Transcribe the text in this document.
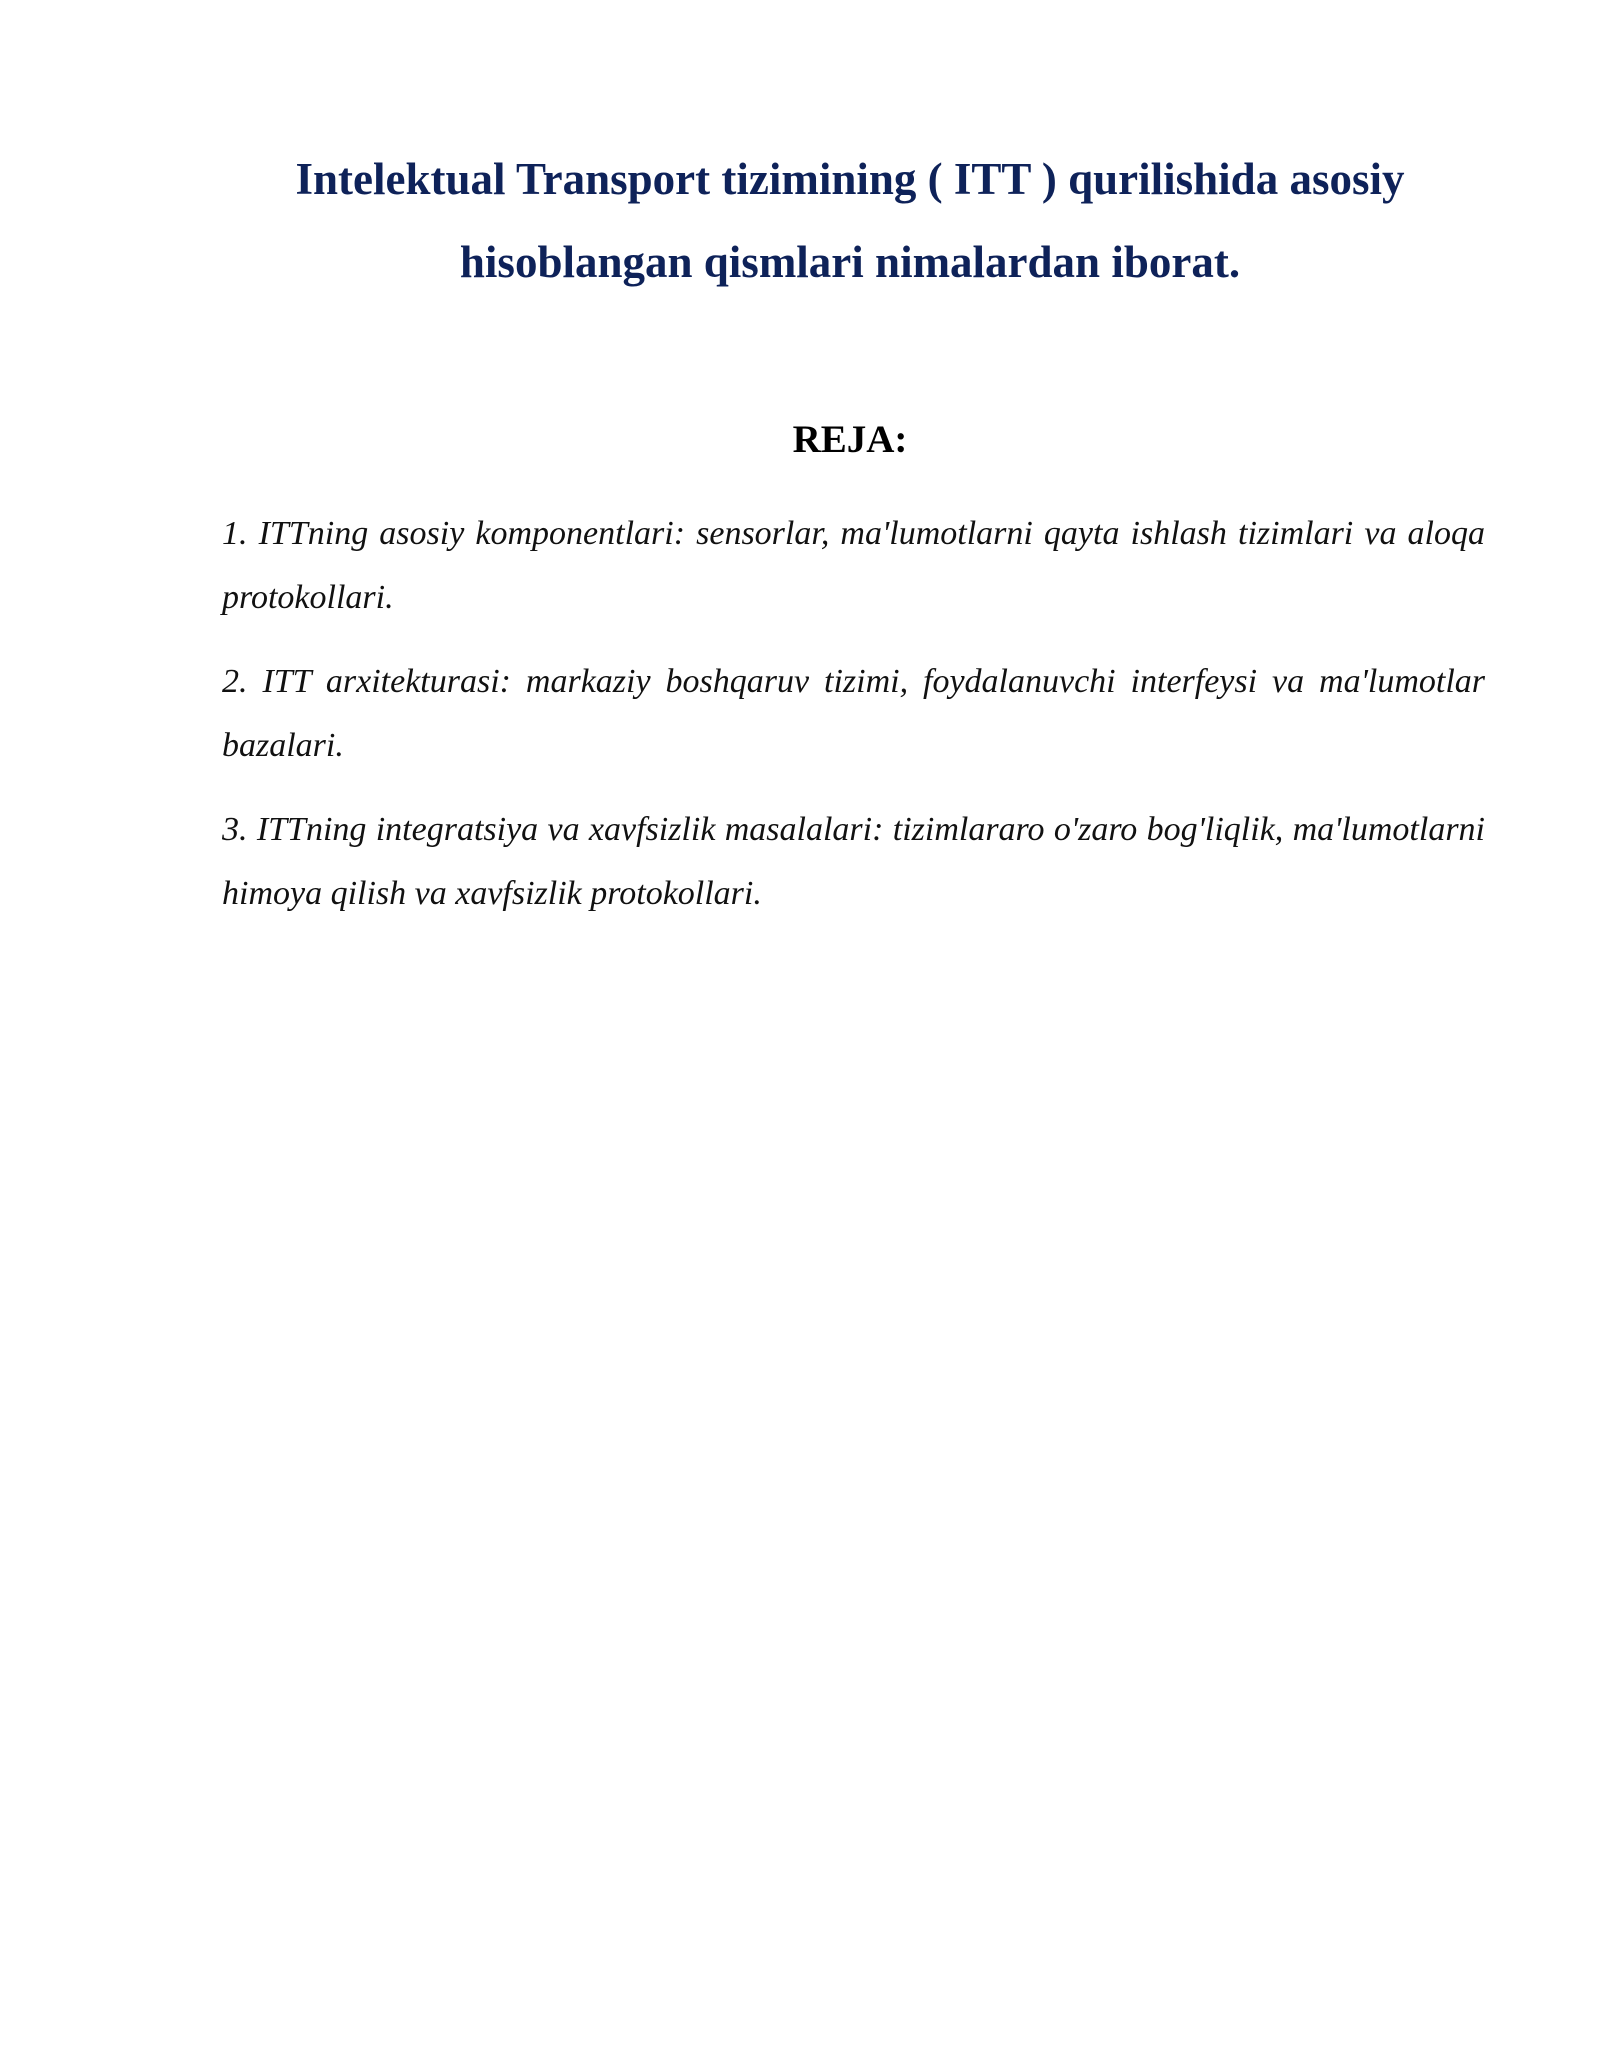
Intelektual Transport tizimining ( ITT ) qurilishida asosiy hisoblangan qismlari nimalardan iborat.
REJA:
1. ITTning asosiy komponentlari: sensorlar, ma'lumotlarni qayta ishlash tizimlari va aloqa protokollari.
2. ITT arxitekturasi: markaziy boshqaruv tizimi, foydalanuvchi interfeysi va ma'lumotlar bazalari.
3. ITTning integratsiya va xavfsizlik masalalari: tizimlararo o'zaro bog'liqlik, ma'lumotlarni himoya qilish va xavfsizlik protokollari.
